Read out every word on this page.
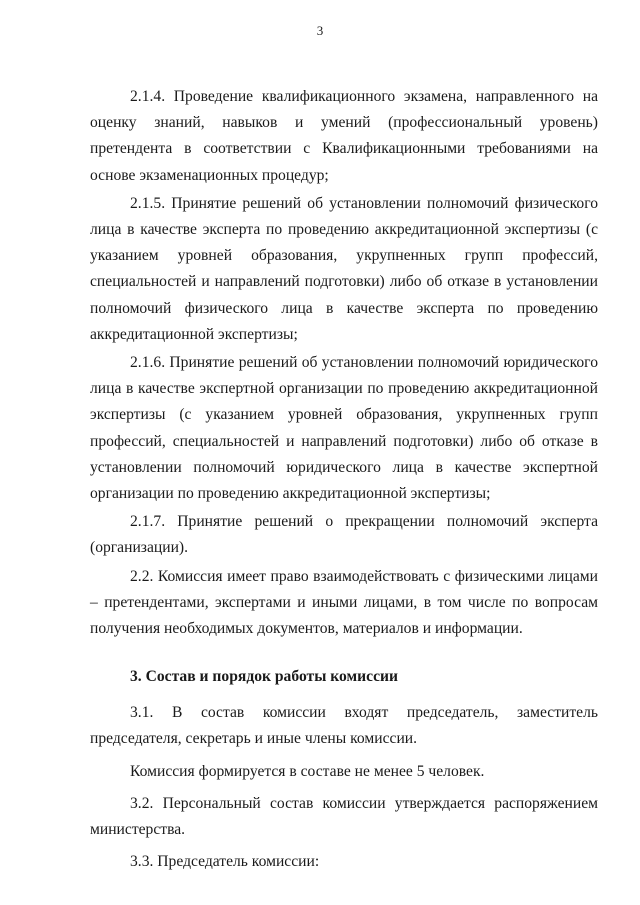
3

2.1.4. Проведение квалификационного экзамена, направленного на оценку знаний, навыков и умений (профессиональный уровень) претендента в соответствии с Квалификационными требованиями на основе экзаменационных процедур;

2.1.5. Принятие решений об установлении полномочий физического лица в качестве эксперта по проведению аккредитационной экспертизы (с указанием уровней образования, укрупненных групп профессий, специальностей и направлений подготовки) либо об отказе в установлении полномочий физического лица в качестве эксперта по проведению аккредитационной экспертизы;

2.1.6. Принятие решений об установлении полномочий юридического лица в качестве экспертной организации по проведению аккредитационной экспертизы (с указанием уровней образования, укрупненных групп профессий, специальностей и направлений подготовки) либо об отказе в установлении полномочий юридического лица в качестве экспертной организации по проведению аккредитационной экспертизы;

2.1.7. Принятие решений о прекращении полномочий эксперта (организации).

2.2. Комиссия имеет право взаимодействовать с физическими лицами – претендентами, экспертами и иными лицами, в том числе по вопросам получения необходимых документов, материалов и информации.

3. Состав и порядок работы комиссии

3.1. В состав комиссии входят председатель, заместитель председателя, секретарь и иные члены комиссии.

Комиссия формируется в составе не менее 5 человек.

3.2. Персональный состав комиссии утверждается распоряжением министерства.

3.3. Председатель комиссии:
